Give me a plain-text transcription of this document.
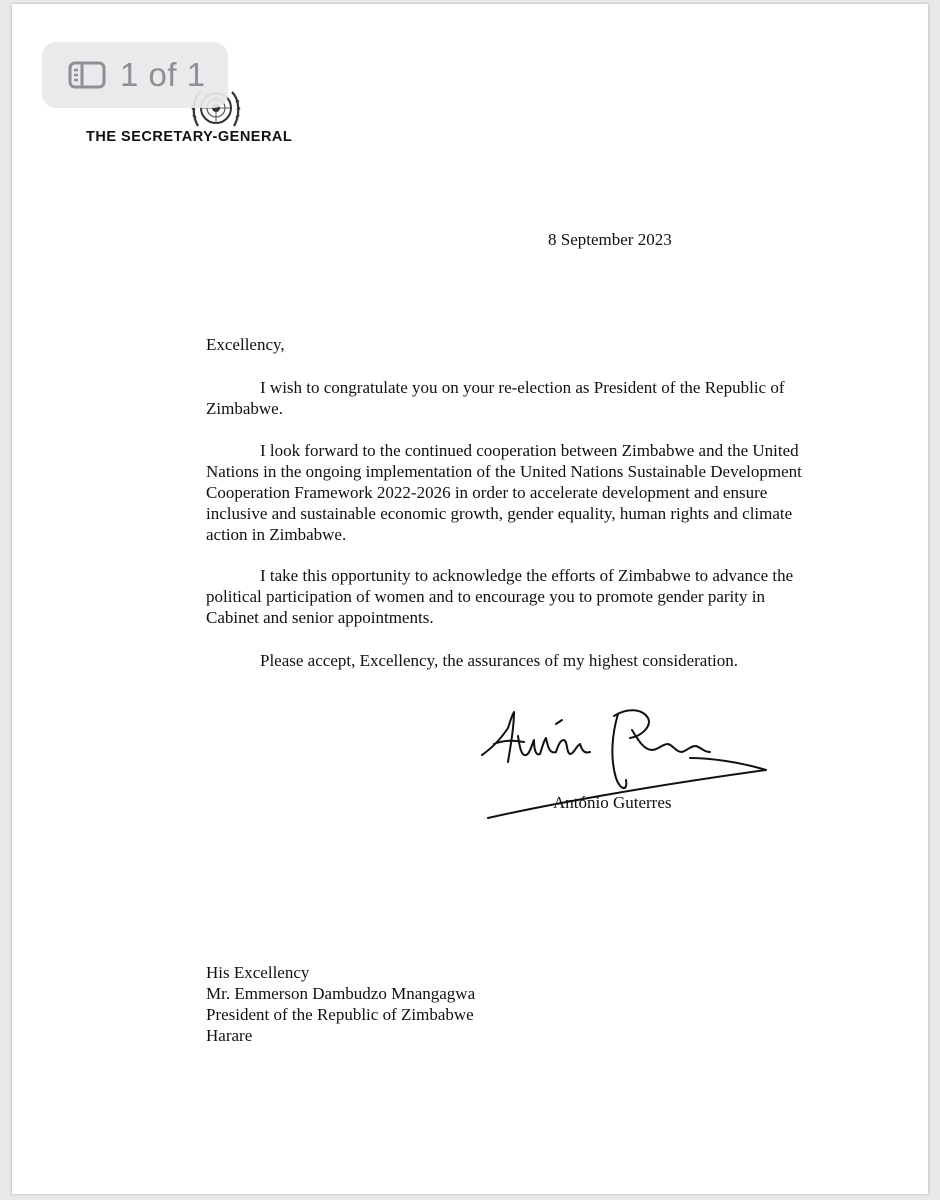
1 of 1
THE SECRETARY-GENERAL
8 September 2023

Excellency,

I wish to congratulate you on your re-election as President of the Republic of Zimbabwe.

I look forward to the continued cooperation between Zimbabwe and the United Nations in the ongoing implementation of the United Nations Sustainable Development Cooperation Framework 2022-2026 in order to accelerate development and ensure inclusive and sustainable economic growth, gender equality, human rights and climate action in Zimbabwe.

I take this opportunity to acknowledge the efforts of Zimbabwe to advance the political participation of women and to encourage you to promote gender parity in Cabinet and senior appointments.

Please accept, Excellency, the assurances of my highest consideration.

António Guterres
His Excellency
Mr. Emmerson Dambudzo Mnangagwa
President of the Republic of Zimbabwe
Harare
